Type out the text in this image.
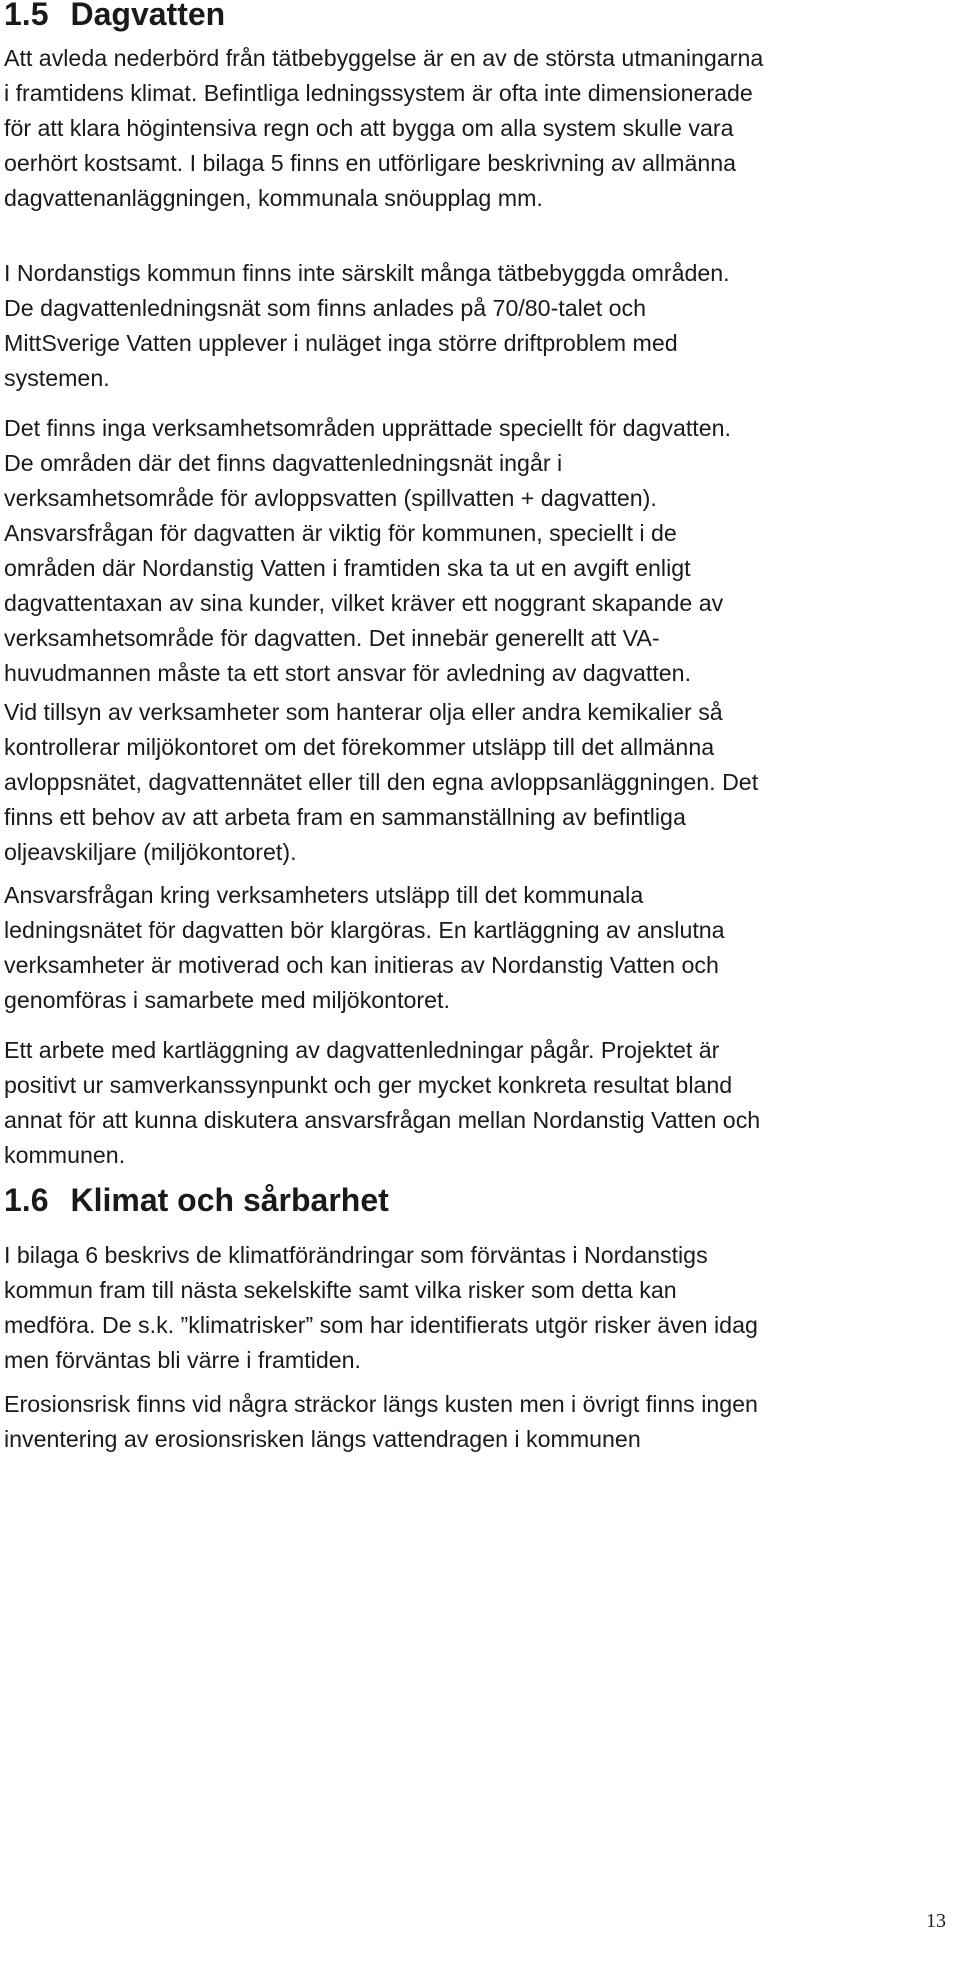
1.5 Dagvatten

Att avleda nederbörd från tätbebyggelse är en av de största utmaningarna i framtidens klimat. Befintliga ledningssystem är ofta inte dimensionerade för att klara högintensiva regn och att bygga om alla system skulle vara oerhört kostsamt. I bilaga 5 finns en utförligare beskrivning av allmänna dagvattenanläggningen, kommunala snöupplag mm.

I Nordanstigs kommun finns inte särskilt många tätbebyggda områden. De dagvattenledningsnät som finns anlades på 70/80-talet och MittSverige Vatten upplever i nuläget inga större driftproblem med systemen.

Det finns inga verksamhetsområden upprättade speciellt för dagvatten. De områden där det finns dagvattenledningsnät ingår i verksamhetsområde för avloppsvatten (spillvatten + dagvatten). Ansvarsfrågan för dagvatten är viktig för kommunen, speciellt i de områden där Nordanstig Vatten i framtiden ska ta ut en avgift enligt dagvattentaxan av sina kunder, vilket kräver ett noggrant skapande av verksamhetsområde för dagvatten. Det innebär generellt att VA-huvudmannen måste ta ett stort ansvar för avledning av dagvatten.

Vid tillsyn av verksamheter som hanterar olja eller andra kemikalier så kontrollerar miljökontoret om det förekommer utsläpp till det allmänna avloppsnätet, dagvattennätet eller till den egna avloppsanläggningen. Det finns ett behov av att arbeta fram en sammanställning av befintliga oljeavskiljare (miljökontoret).

Ansvarsfrågan kring verksamheters utsläpp till det kommunala ledningsnätet för dagvatten bör klargöras. En kartläggning av anslutna verksamheter är motiverad och kan initieras av Nordanstig Vatten och genomföras i samarbete med miljökontoret.

Ett arbete med kartläggning av dagvattenledningar pågår. Projektet är positivt ur samverkanssynpunkt och ger mycket konkreta resultat bland annat för att kunna diskutera ansvarsfrågan mellan Nordanstig Vatten och kommunen.

1.6 Klimat och sårbarhet

I bilaga 6 beskrivs de klimatförändringar som förväntas i Nordanstigs kommun fram till nästa sekelskifte samt vilka risker som detta kan medföra. De s.k. ”klimatrisker” som har identifierats utgör risker även idag men förväntas bli värre i framtiden.

Erosionsrisk finns vid några sträckor längs kusten men i övrigt finns ingen inventering av erosionsrisken längs vattendragen i kommunen

13
